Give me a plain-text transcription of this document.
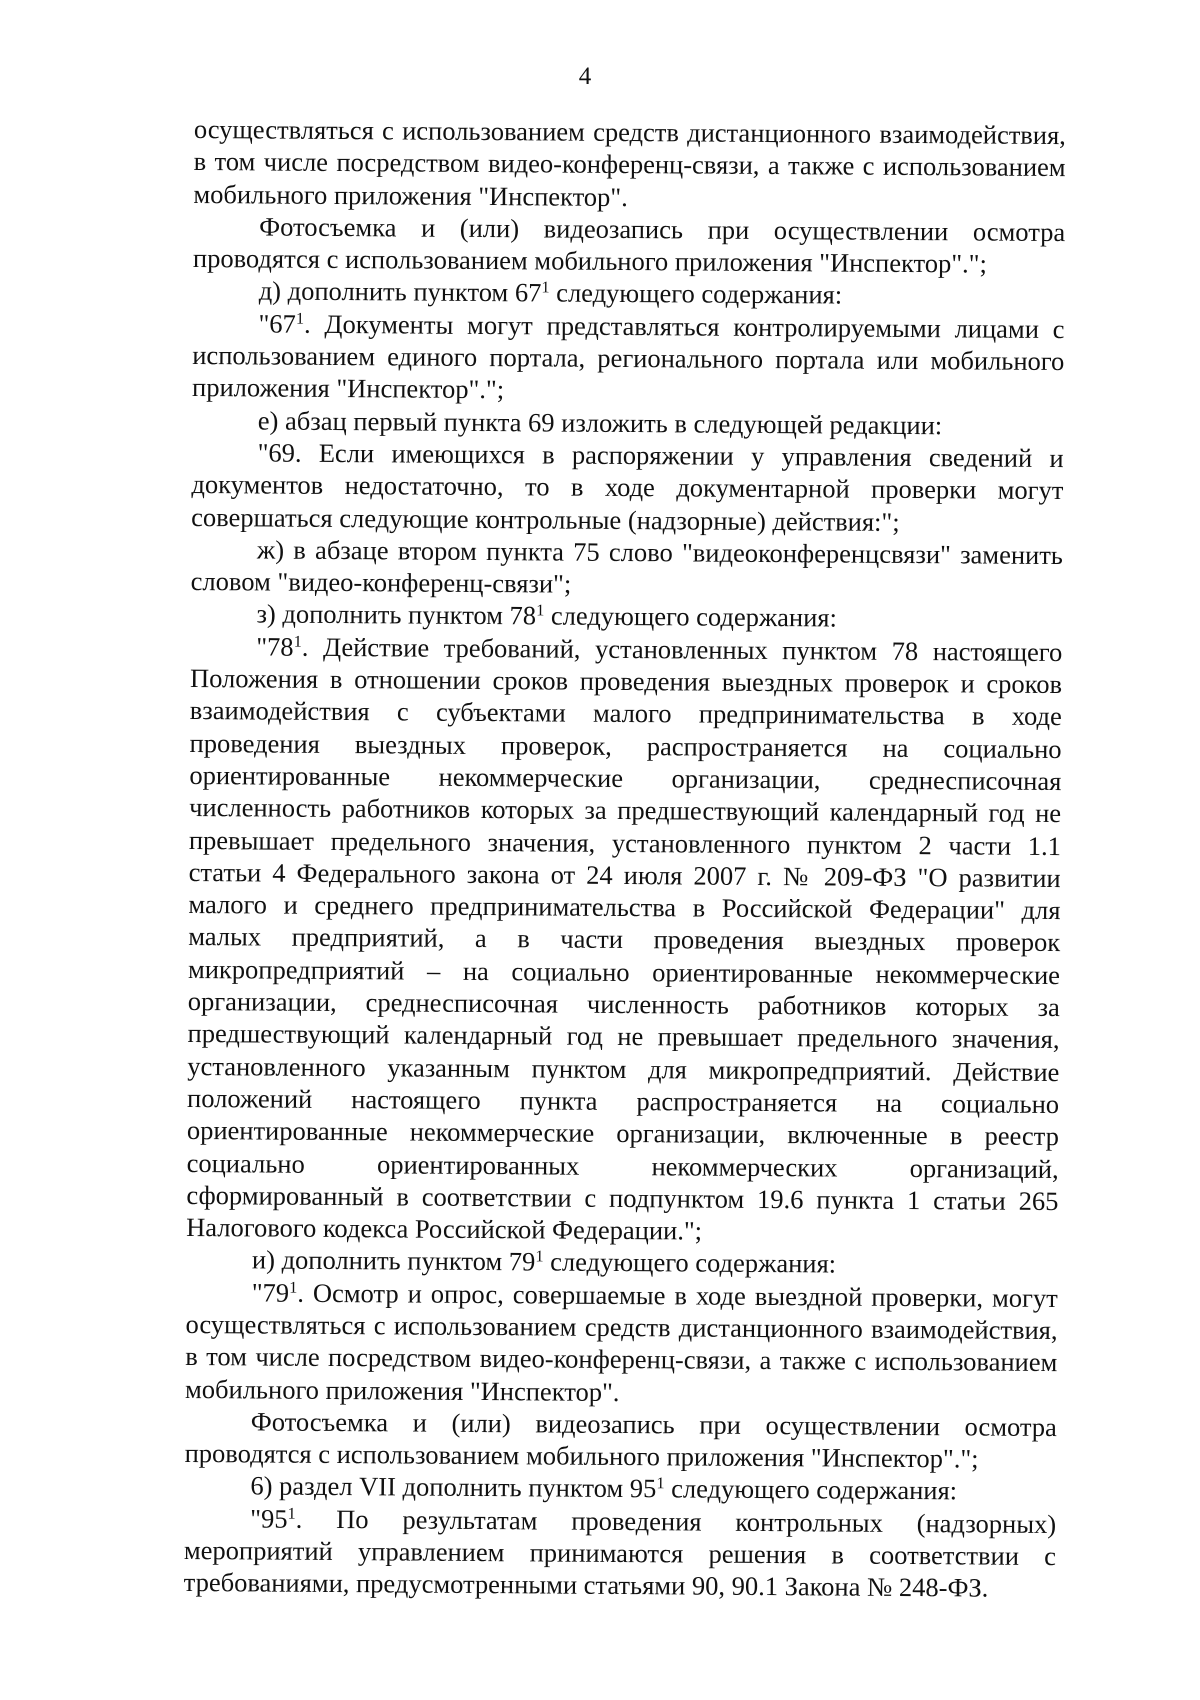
4

осуществляться с использованием средств дистанционного взаимодействия, в том числе посредством видео-конференц-связи, а также с использованием мобильного приложения "Инспектор".

Фотосъемка и (или) видеозапись при осуществлении осмотра проводятся с использованием мобильного приложения "Инспектор".";

д) дополнить пунктом $67^1$ следующего содержания:

"$67^1$. Документы могут представляться контролируемыми лицами с использованием единого портала, регионального портала или мобильного приложения "Инспектор".";

е) абзац первый пункта 69 изложить в следующей редакции:

"69. Если имеющихся в распоряжении у управления сведений и документов недостаточно, то в ходе документарной проверки могут совершаться следующие контрольные (надзорные) действия:";

ж) в абзаце втором пункта 75 слово "видеоконференцсвязи" заменить словом "видео-конференц-связи";

з) дополнить пунктом $78^1$ следующего содержания:

"$78^1$. Действие требований, установленных пунктом 78 настоящего Положения в отношении сроков проведения выездных проверок и сроков взаимодействия с субъектами малого предпринимательства в ходе проведения выездных проверок, распространяется на социально ориентированные некоммерческие организации, среднесписочная численность работников которых за предшествующий календарный год не превышает предельного значения, установленного пунктом 2 части 1.1 статьи 4 Федерального закона от 24 июля 2007 г. № 209-ФЗ "О развитии малого и среднего предпринимательства в Российской Федерации" для малых предприятий, а в части проведения выездных проверок микропредприятий – на социально ориентированные некоммерческие организации, среднесписочная численность работников которых за предшествующий календарный год не превышает предельного значения, установленного указанным пунктом для микропредприятий. Действие положений настоящего пункта распространяется на социально ориентированные некоммерческие организации, включенные в реестр социально ориентированных некоммерческих организаций, сформированный в соответствии с подпунктом 19.6 пункта 1 статьи 265 Налогового кодекса Российской Федерации.";

и) дополнить пунктом $79^1$ следующего содержания:

"$79^1$. Осмотр и опрос, совершаемые в ходе выездной проверки, могут осуществляться с использованием средств дистанционного взаимодействия, в том числе посредством видео-конференц-связи, а также с использованием мобильного приложения "Инспектор".

Фотосъемка и (или) видеозапись при осуществлении осмотра проводятся с использованием мобильного приложения "Инспектор".";

6) раздел VII дополнить пунктом $95^1$ следующего содержания:

"$95^1$. По результатам проведения контрольных (надзорных) мероприятий управлением принимаются решения в соответствии с требованиями, предусмотренными статьями 90, 90.1 Закона № 248-ФЗ.
